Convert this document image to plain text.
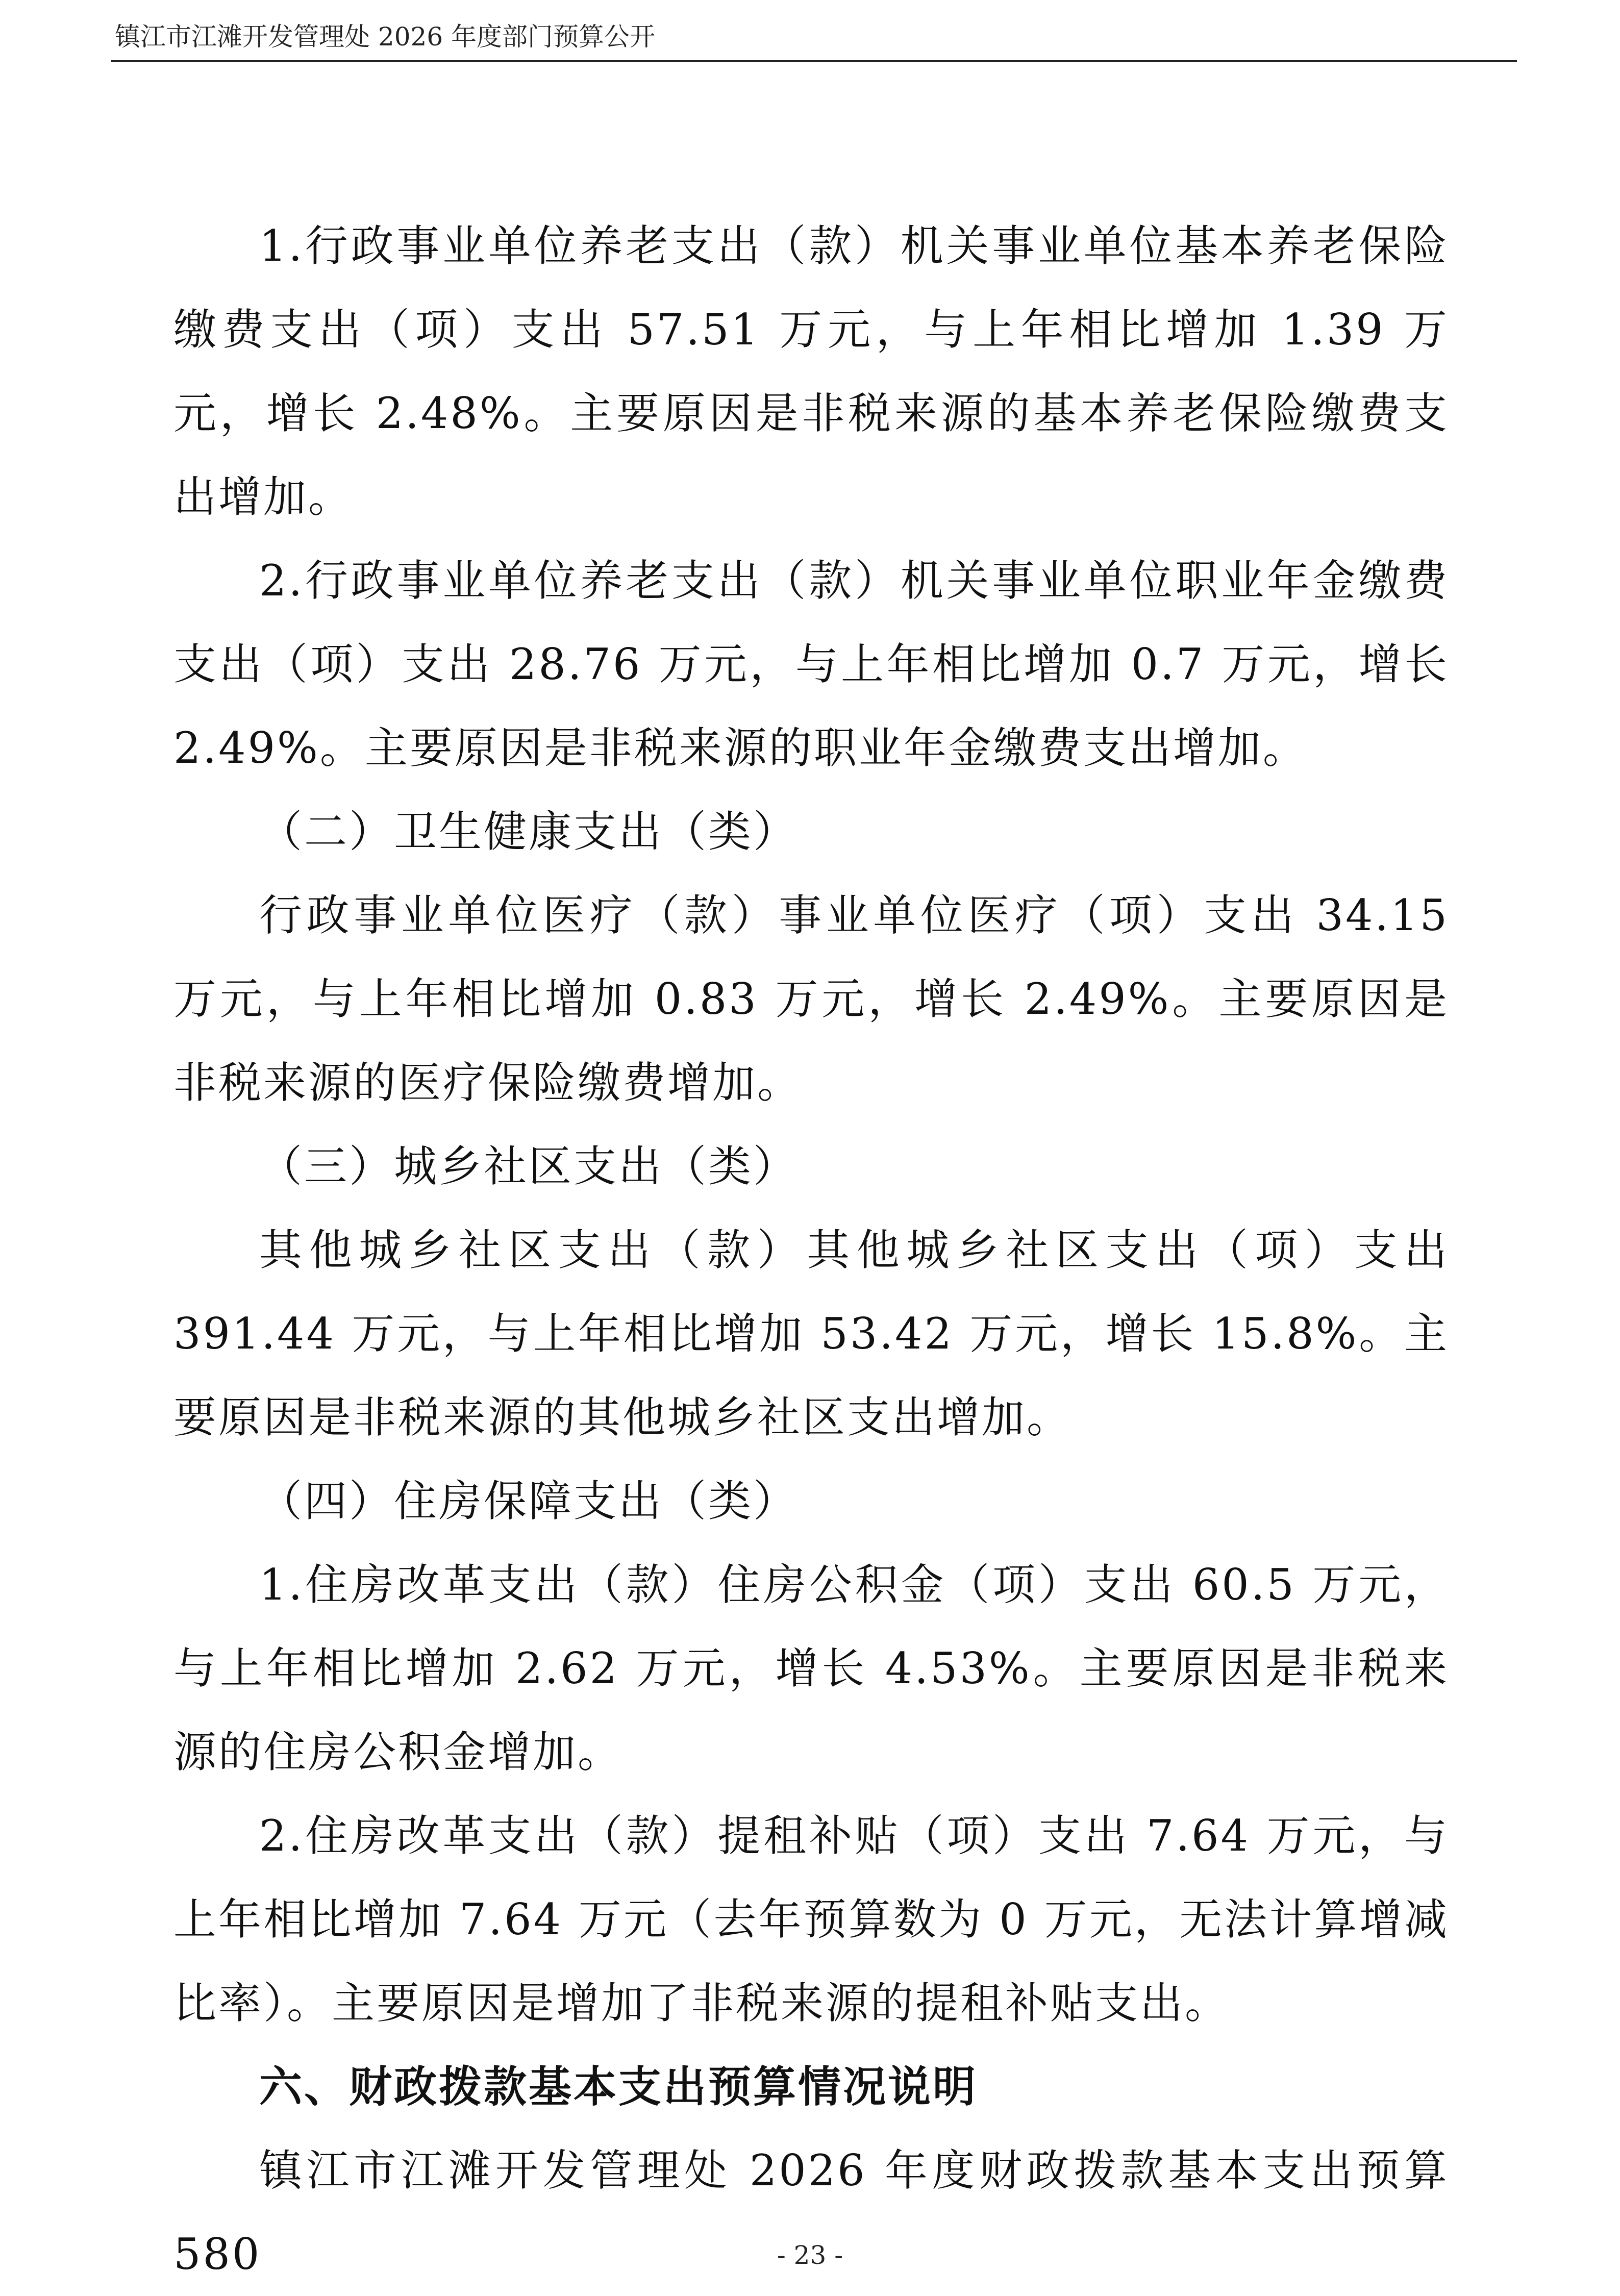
镇江市江滩开发管理处 2026 年度部门预算公开

1.行政事业单位养老支出（款）机关事业单位基本养老保险缴费支出（项）支出 57.51 万元，与上年相比增加 1.39 万元，增长 2.48%。主要原因是非税来源的基本养老保险缴费支出增加。

2.行政事业单位养老支出（款）机关事业单位职业年金缴费支出（项）支出 28.76 万元，与上年相比增加 0.7 万元，增长 2.49%。主要原因是非税来源的职业年金缴费支出增加。

（二）卫生健康支出（类）

行政事业单位医疗（款）事业单位医疗（项）支出 34.15 万元，与上年相比增加 0.83 万元，增长 2.49%。主要原因是非税来源的医疗保险缴费增加。

（三）城乡社区支出（类）

其他城乡社区支出（款）其他城乡社区支出（项）支出 391.44 万元，与上年相比增加 53.42 万元，增长 15.8%。主要原因是非税来源的其他城乡社区支出增加。

（四）住房保障支出（类）

1.住房改革支出（款）住房公积金（项）支出 60.5 万元，与上年相比增加 2.62 万元，增长 4.53%。主要原因是非税来源的住房公积金增加。

2.住房改革支出（款）提租补贴（项）支出 7.64 万元，与上年相比增加 7.64 万元（去年预算数为 0 万元，无法计算增减比率）。主要原因是增加了非税来源的提租补贴支出。

六、财政拨款基本支出预算情况说明

镇江市江滩开发管理处 2026 年度财政拨款基本支出预算 580	- 23 -
